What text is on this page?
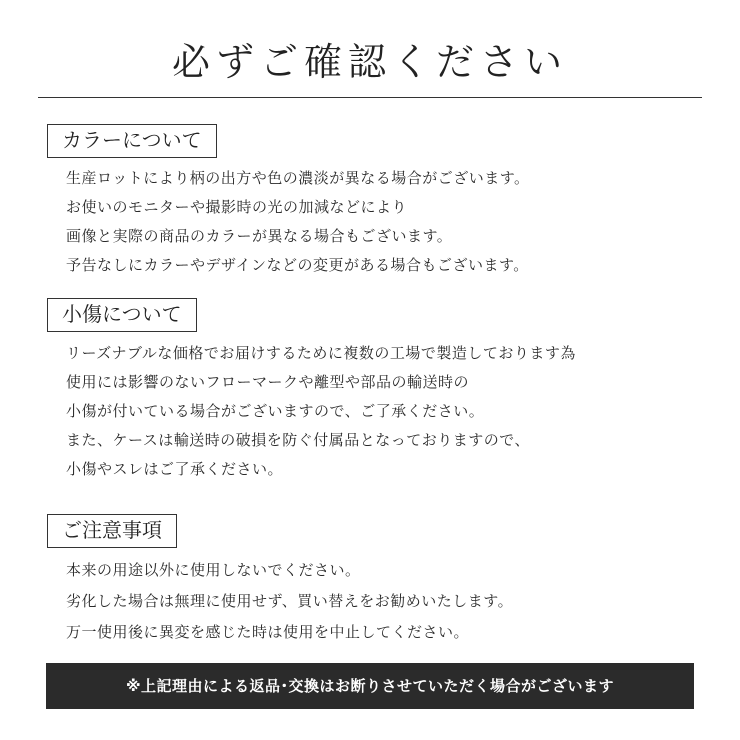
必ずご確認ください
カラーについて
生産ロットにより柄の出方や色の濃淡が異なる場合がございます。
お使いのモニターや撮影時の光の加減などにより
画像と実際の商品のカラーが異なる場合もございます。
予告なしにカラーやデザインなどの変更がある場合もございます。
小傷について
リーズナブルな価格でお届けするために複数の工場で製造しております為
使用には影響のないフローマークや離型や部品の輸送時の
小傷が付いている場合がございますので、ご了承ください。
また、ケースは輸送時の破損を防ぐ付属品となっておりますので、
小傷やスレはご了承ください。
ご注意事項
本来の用途以外に使用しないでください。
劣化した場合は無理に使用せず、買い替えをお勧めいたします。
万一使用後に異変を感じた時は使用を中止してください。
※上記理由による返品･交換はお断りさせていただく場合がございます
